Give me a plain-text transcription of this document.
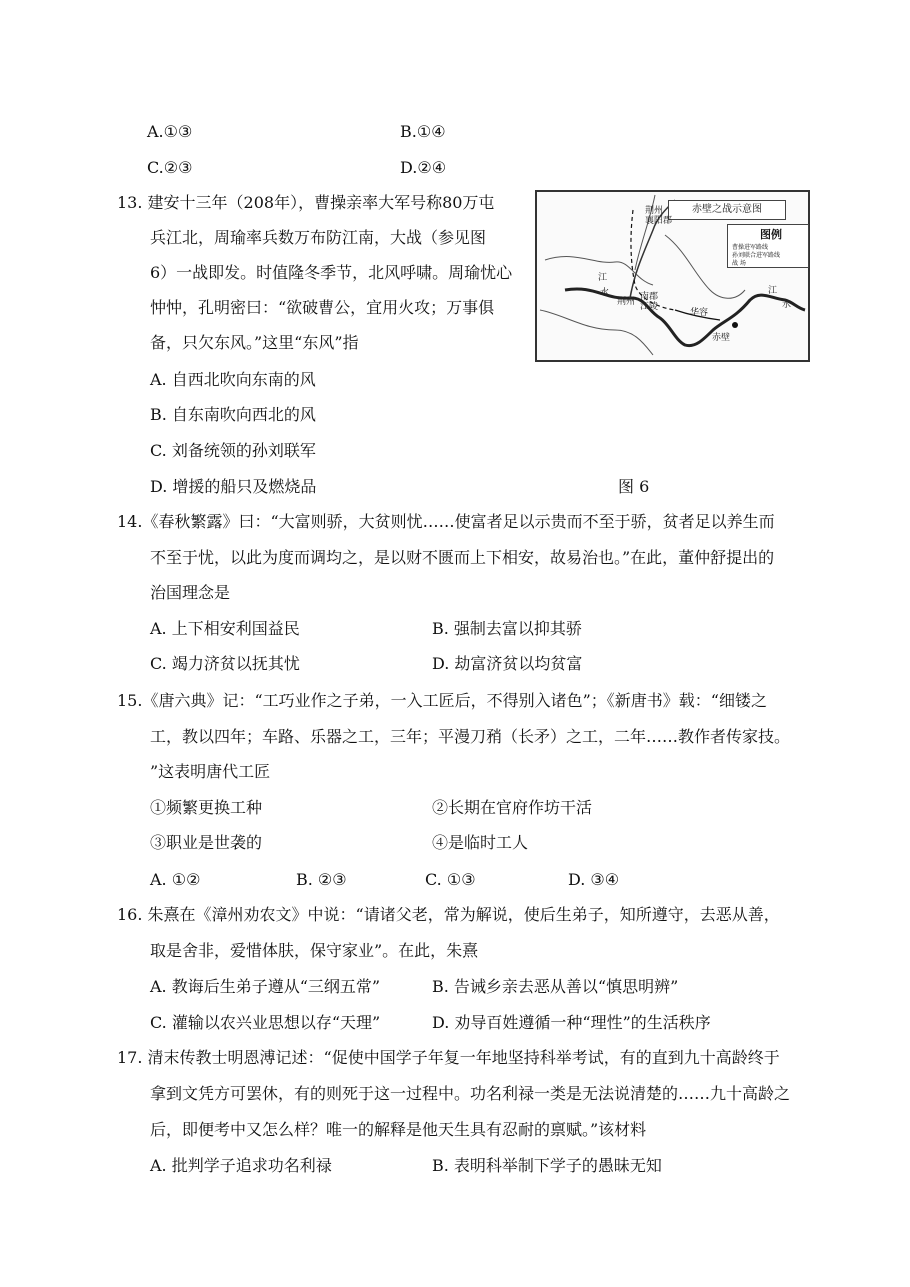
A.①③	B.①④
C.②③	D.②④
13. 建安十三年（208年），曹操亲率大军号称80万屯
兵江北，周瑜率兵数万布防江南，大战（参见图
6）一战即发。时值隆冬季节，北风呼啸。周瑜忧心
忡忡，孔明密曰：“欲破曹公，宜用火攻；万事俱
备，只欠东风。”这里“东风”指
A. 自西北吹向东南的风
B. 自东南吹向西北的风
C. 刘备统领的孙刘联军
D. 增援的船只及燃烧品	图 6
赤壁之战示意图
图例
曹操进军路线
孙刘联合进军路线
战 场
荆州
襄阳郡
江
水
荆州 南郡
江陵
华容
赤壁
江
水
14.《春秋繁露》曰：“大富则骄，大贫则忧……使富者足以示贵而不至于骄，贫者足以养生而
不至于忧，以此为度而调均之，是以财不匮而上下相安，故易治也。”在此，董仲舒提出的
治国理念是
A. 上下相安利国益民	B. 强制去富以抑其骄
C. 竭力济贫以抚其忧	D. 劫富济贫以均贫富
15.《唐六典》记：“工巧业作之子弟，一入工匠后，不得别入诸色”；《新唐书》载：“细镂之
工，教以四年；车路、乐器之工，三年；平漫刀矟（长矛）之工，二年……教作者传家技。
”这表明唐代工匠
①频繁更换工种	②长期在官府作坊干活
③职业是世袭的	④是临时工人
A. ①②	B. ②③	C. ①③	D. ③④
16. 朱熹在《漳州劝农文》中说：“请诸父老，常为解说，使后生弟子，知所遵守，去恶从善，
取是舍非，爱惜体肤，保守家业”。在此，朱熹
A. 教诲后生弟子遵从“三纲五常”	B. 告诫乡亲去恶从善以“慎思明辨”
C. 灌输以农兴业思想以存“天理”	D. 劝导百姓遵循一种“理性”的生活秩序
17. 清末传教士明恩溥记述：“促使中国学子年复一年地坚持科举考试，有的直到九十高龄终于
拿到文凭方可罢休，有的则死于这一过程中。功名利禄一类是无法说清楚的……九十高龄之
后，即便考中又怎么样？唯一的解释是他天生具有忍耐的禀赋。”该材料
A. 批判学子追求功名利禄	B. 表明科举制下学子的愚昧无知
